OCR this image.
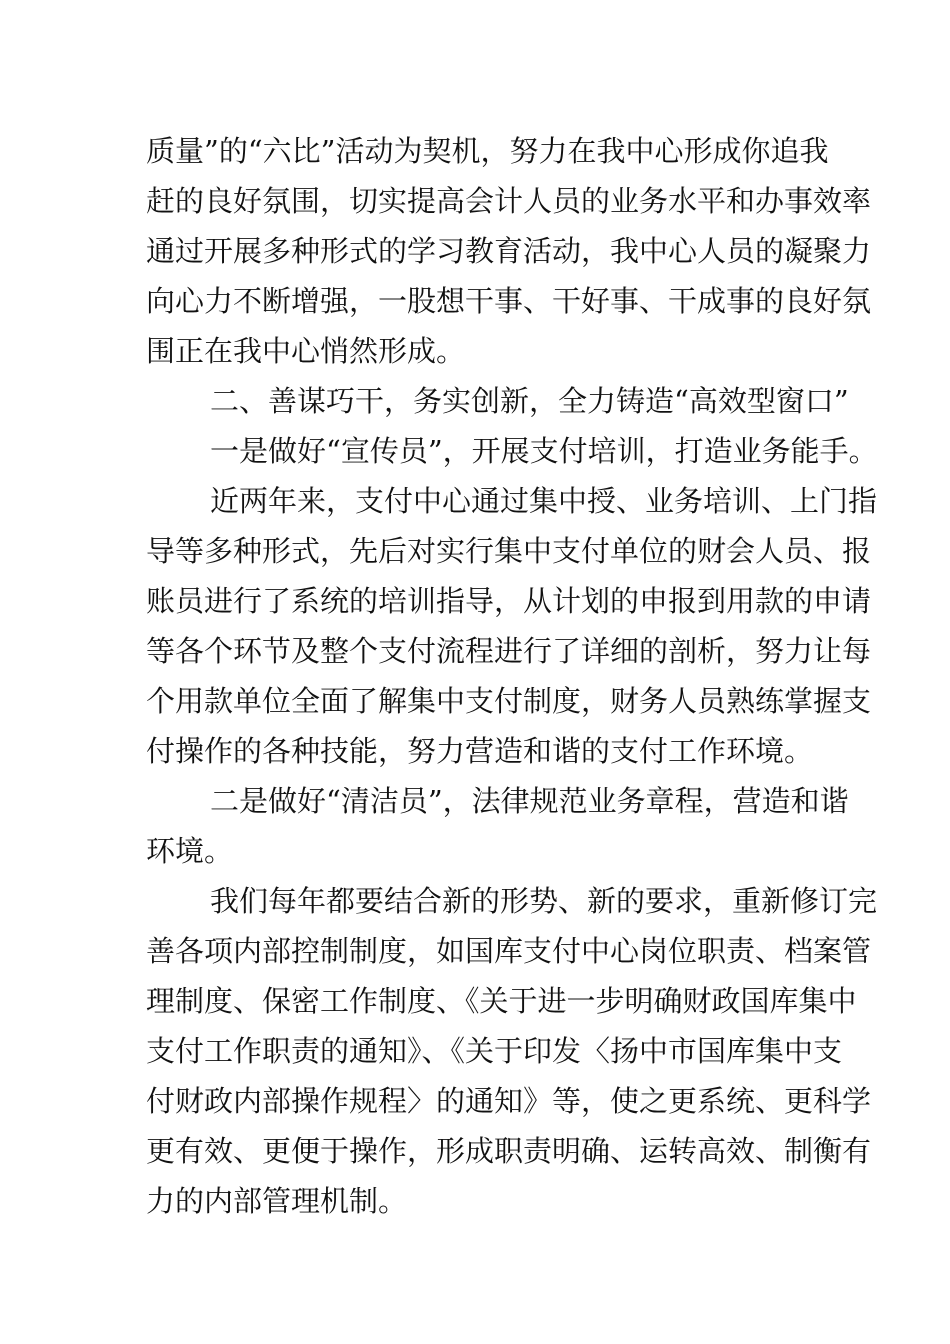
质量”的“六比”活动为契机，努力在我中心形成你追我
赶的良好氛围，切实提高会计人员的业务水平和办事效率
通过开展多种形式的学习教育活动，我中心人员的凝聚力
向心力不断增强，一股想干事、干好事、干成事的良好氛
围正在我中心悄然形成。
二、善谋巧干，务实创新，全力铸造“高效型窗口”
一是做好“宣传员”，开展支付培训，打造业务能手。
近两年来，支付中心通过集中授、业务培训、上门指
导等多种形式，先后对实行集中支付单位的财会人员、报
账员进行了系统的培训指导，从计划的申报到用款的申请
等各个环节及整个支付流程进行了详细的剖析，努力让每
个用款单位全面了解集中支付制度，财务人员熟练掌握支
付操作的各种技能，努力营造和谐的支付工作环境。
二是做好“清洁员”，法律规范业务章程，营造和谐
环境。
我们每年都要结合新的形势、新的要求，重新修订完
善各项内部控制制度，如国库支付中心岗位职责、档案管
理制度、保密工作制度、《关于进一步明确财政国库集中
支付工作职责的通知》、《关于印发〈扬中市国库集中支
付财政内部操作规程〉的通知》等，使之更系统、更科学
更有效、更便于操作，形成职责明确、运转高效、制衡有
力的内部管理机制。
